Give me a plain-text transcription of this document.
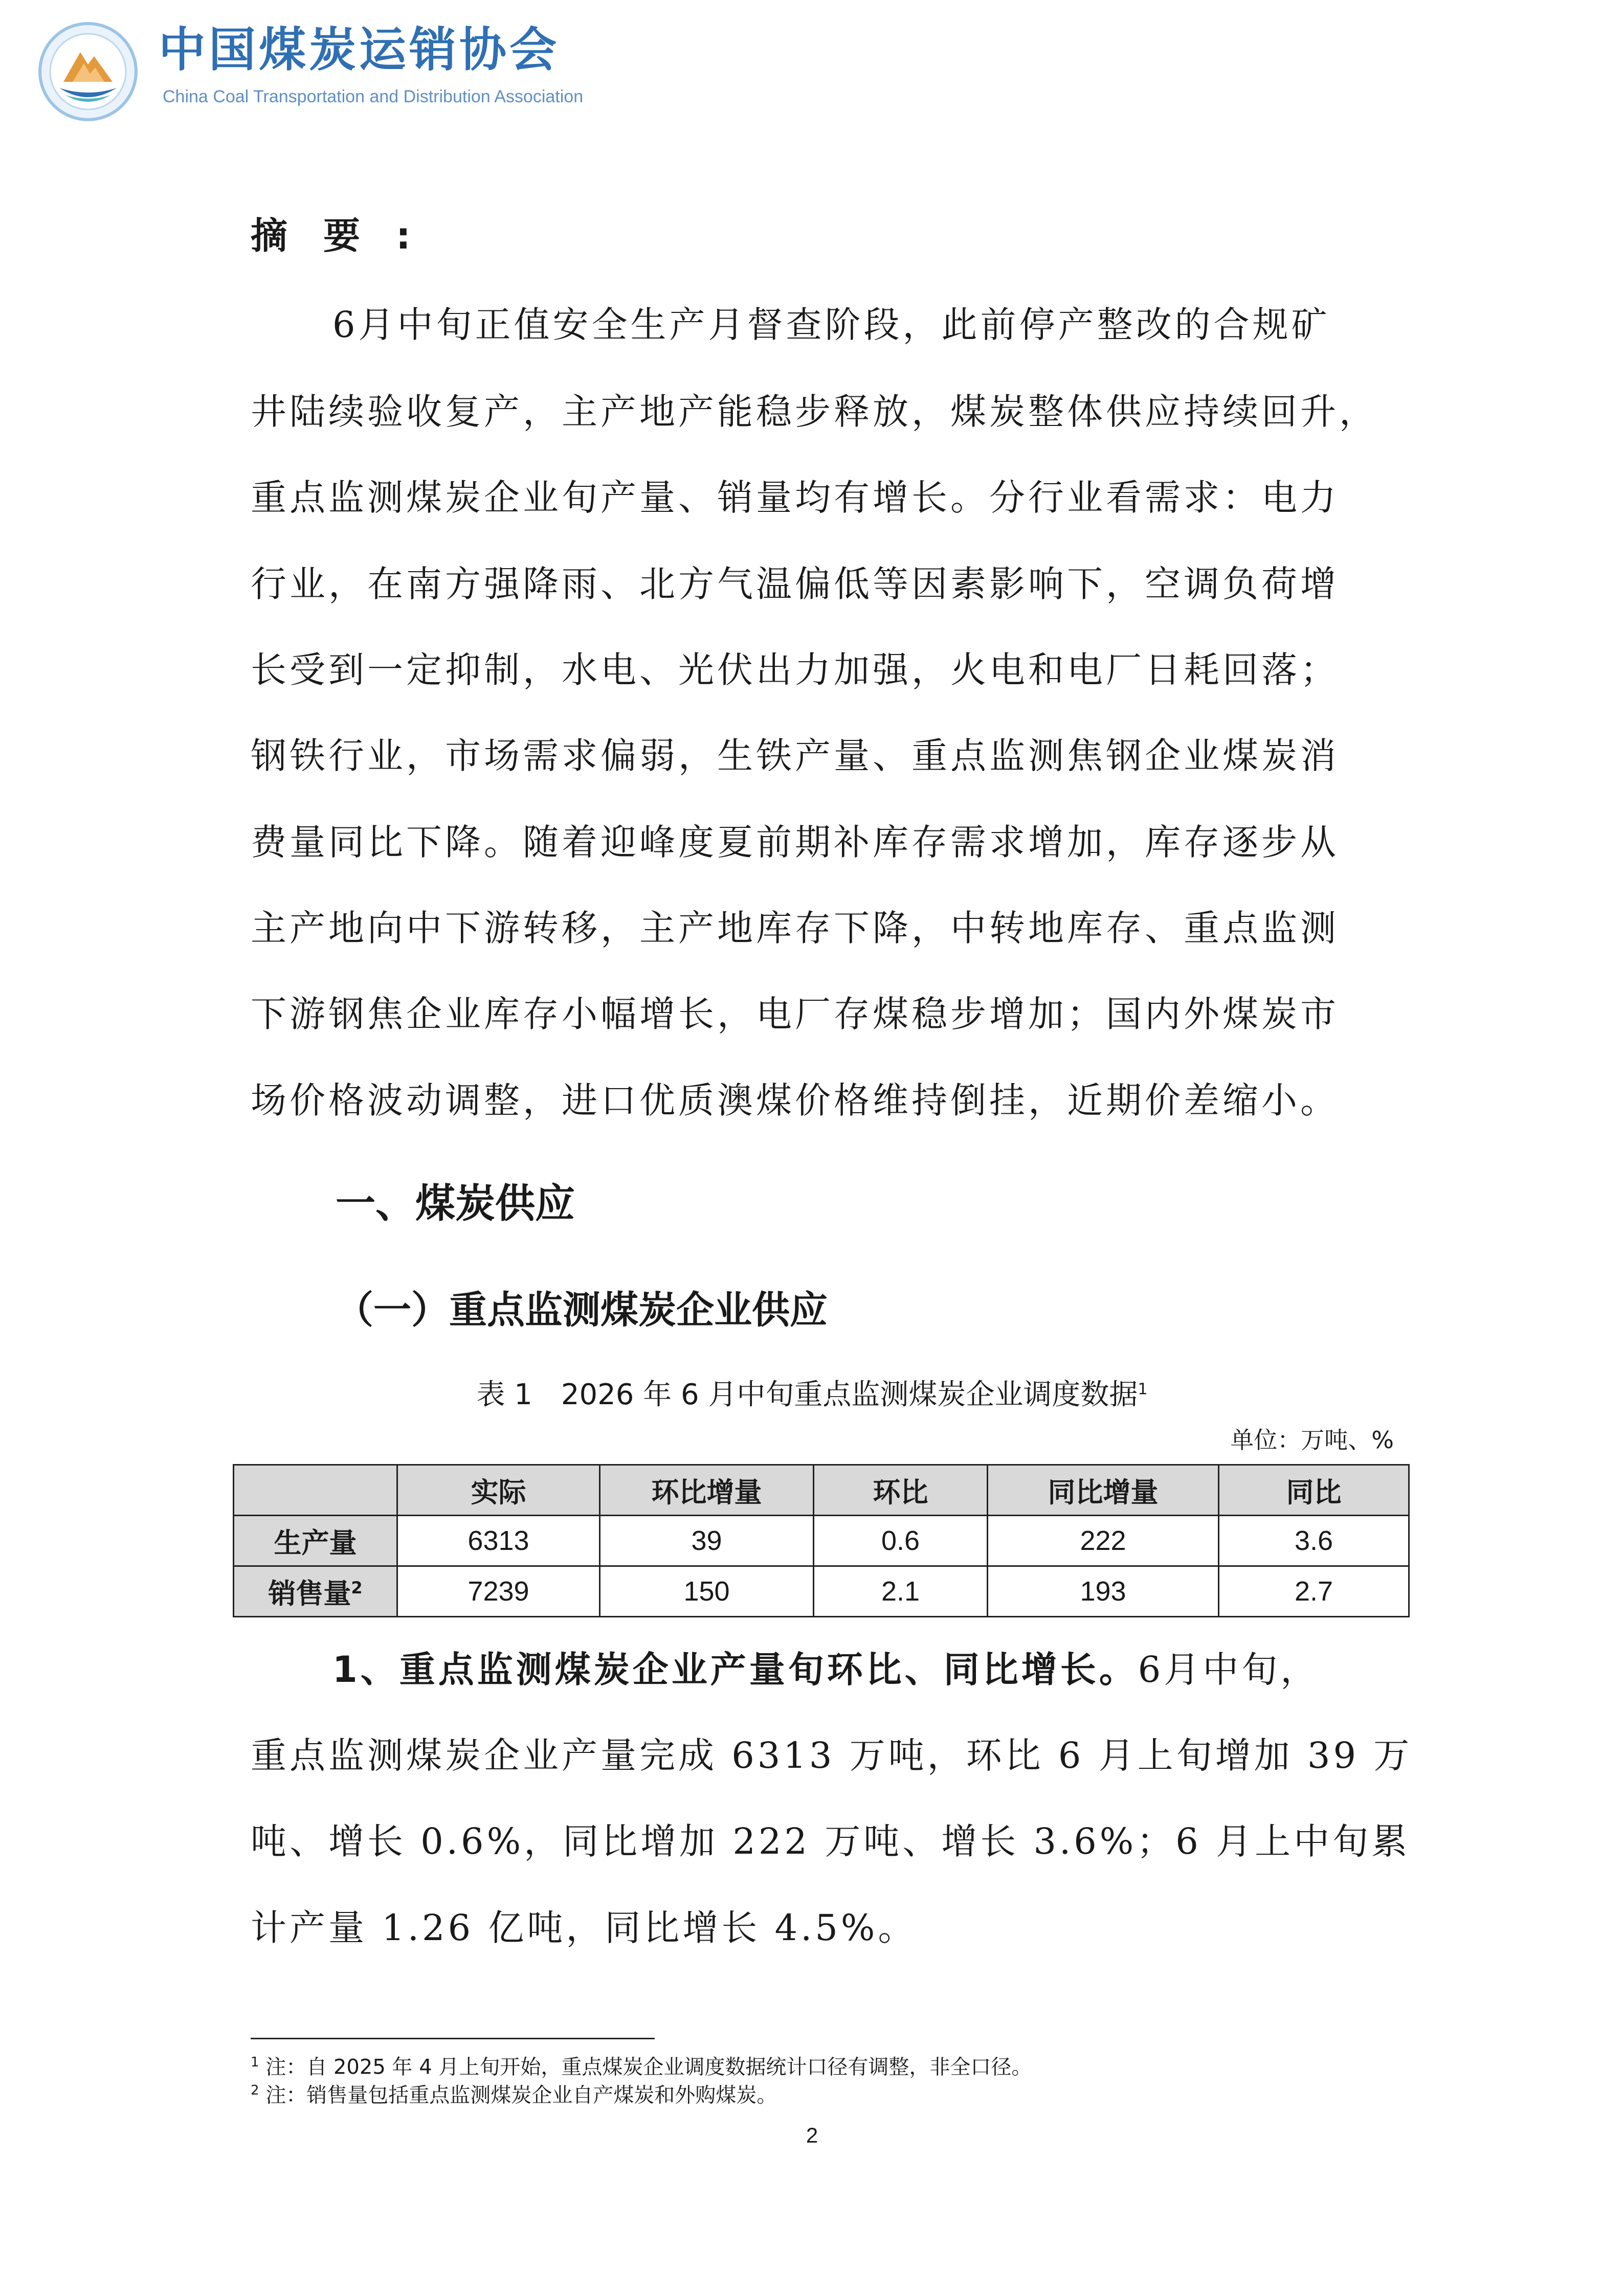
中国煤炭运销协会
China Coal Transportation and Distribution Association
摘要:
6月中旬正值安全生产月督查阶段，此前停产整改的合规矿
井陆续验收复产，主产地产能稳步释放，煤炭整体供应持续回升，
重点监测煤炭企业旬产量、销量均有增长。分行业看需求：电力
行业，在南方强降雨、北方气温偏低等因素影响下，空调负荷增
长受到一定抑制，水电、光伏出力加强，火电和电厂日耗回落；
钢铁行业，市场需求偏弱，生铁产量、重点监测焦钢企业煤炭消
费量同比下降。随着迎峰度夏前期补库存需求增加，库存逐步从
主产地向中下游转移，主产地库存下降，中转地库存、重点监测
下游钢焦企业库存小幅增长，电厂存煤稳步增加；国内外煤炭市
场价格波动调整，进口优质澳煤价格维持倒挂，近期价差缩小。
一、煤炭供应
（一）重点监测煤炭企业供应
表 1　2026 年 6 月中旬重点监测煤炭企业调度数据$^1$
单位：万吨、%
	实际	环比增量	环比	同比增量	同比
生产量	6313	39	0.6	222	3.6
销售量$^2$	7239	150	2.1	193	2.7
1、重点监测煤炭企业产量旬环比、同比增长。6月中旬，
重点监测煤炭企业产量完成 6313 万吨，环比 6 月上旬增加 39 万
吨、增长 0.6%，同比增加 222 万吨、增长 3.6%；6 月上中旬累
计产量 1.26 亿吨，同比增长 4.5%。
$^1$ 注：自 2025 年 4 月上旬开始，重点煤炭企业调度数据统计口径有调整，非全口径。
$^2$ 注：销售量包括重点监测煤炭企业自产煤炭和外购煤炭。
2
